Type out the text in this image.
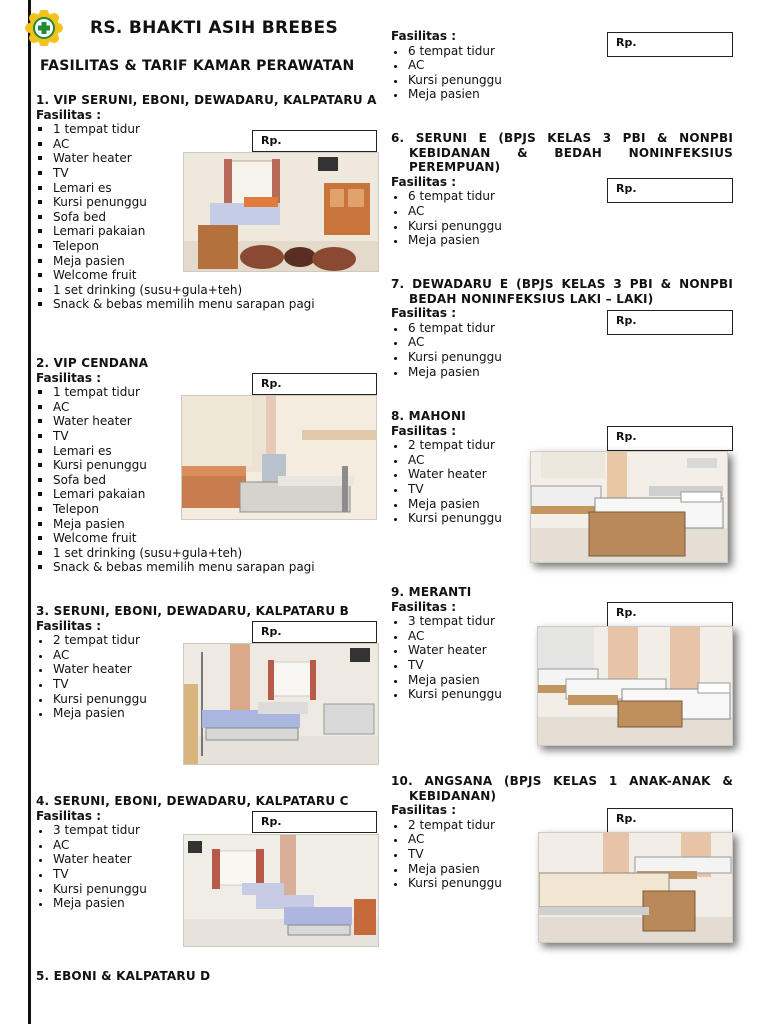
RS. BHAKTI ASIH BREBES
FASILITAS & TARIF KAMAR PERAWATAN
1. VIP SERUNI, EBONI, DEWADARU, KALPATARU A
Fasilitas :
1 tempat tidur
AC
Water heater
TV
Lemari es
Kursi penunggu
Sofa bed
Lemari pakaian
Telepon
Meja pasien
Welcome fruit
1 set drinking (susu+gula+teh)
Snack & bebas memilih menu sarapan pagi
Rp.
2. VIP CENDANA
Fasilitas :
1 tempat tidur
AC
Water heater
TV
Lemari es
Kursi penunggu
Sofa bed
Lemari pakaian
Telepon
Meja pasien
Welcome fruit
1 set drinking (susu+gula+teh)
Snack & bebas memilih menu sarapan pagi
Rp.
3. SERUNI, EBONI, DEWADARU, KALPATARU B
Fasilitas :
2 tempat tidur
AC
Water heater
TV
Kursi penunggu
Meja pasien
Rp.
4. SERUNI, EBONI, DEWADARU, KALPATARU C
Fasilitas :
3 tempat tidur
AC
Water heater
TV
Kursi penunggu
Meja pasien
Rp.
5. EBONI & KALPATARU D
Fasilitas :
6 tempat tidur
AC
Kursi penunggu
Meja pasien
Rp.
6. SERUNI E (BPJS KELAS 3 PBI & NONPBI KEBIDANAN & BEDAH NONINFEKSIUS PEREMPUAN)
Fasilitas :
6 tempat tidur
AC
Kursi penunggu
Meja pasien
Rp.
7. DEWADARU E (BPJS KELAS 3 PBI & NONPBI BEDAH NONINFEKSIUS LAKI – LAKI)
Fasilitas :
6 tempat tidur
AC
Kursi penunggu
Meja pasien
Rp.
8. MAHONI
Fasilitas :
2 tempat tidur
AC
Water heater
TV
Meja pasien
Kursi penunggu
Rp.
9. MERANTI
Fasilitas :
3 tempat tidur
AC
Water heater
TV
Meja pasien
Kursi penunggu
Rp.
10. ANGSANA (BPJS KELAS 1 ANAK-ANAK & KEBIDANAN)
Fasilitas :
2 tempat tidur
AC
TV
Meja pasien
Kursi penunggu
Rp.
